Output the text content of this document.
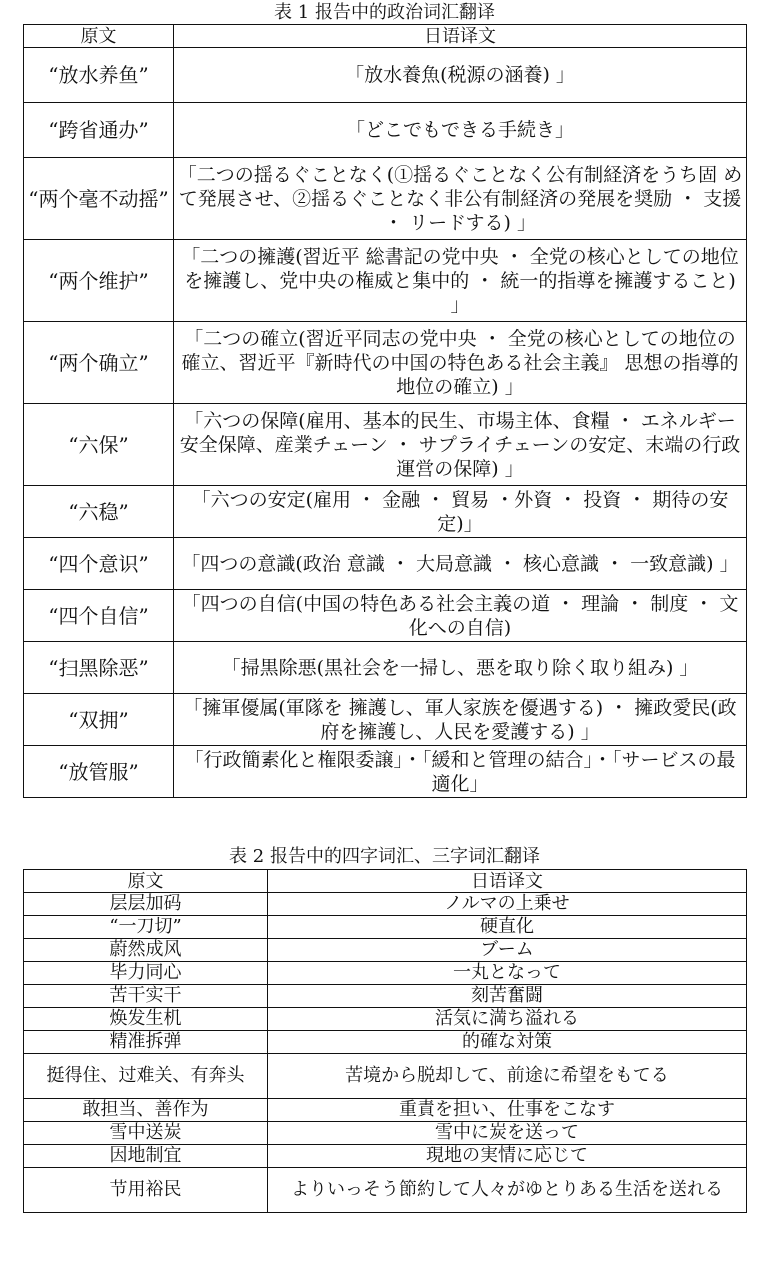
表 1 报告中的政治词汇翻译
原文	日语译文
“放水养鱼”	「放水養魚(税源の涵養) 」
“跨省通办”	「どこでもできる手続き」
“两个毫不动摇”	「二つの揺るぐことなく(①揺るぐことなく公有制経済をうち固 めて発展させ、②揺るぐことなく非公有制経済の発展を奨励 ・ 支援 ・ リードする) 」
“两个维护”	「二つの擁護(習近平 総書記の党中央 ・ 全党の核心としての地位を擁護し、党中央の権威と集中的 ・ 統一的指導を擁護すること) 」
“两个确立”	「二つの確立(習近平同志の党中央 ・ 全党の核心としての地位の確立、習近平『新時代の中国の特色ある社会主義』 思想の指導的地位の確立) 」
“六保”	「六つの保障(雇用、基本的民生、市場主体、食糧 ・ エネルギー安全保障、産業チェーン ・ サプライチェーンの安定、末端の行政運営の保障) 」
“六稳”	「六つの安定(雇用 ・ 金融 ・ 貿易 ・外資 ・ 投資 ・ 期待の安定)」
“四个意识”	「四つの意識(政治 意識 ・ 大局意識 ・ 核心意識 ・ 一致意識) 」
“四个自信”	「四つの自信(中国の特色ある社会主義の道 ・ 理論 ・ 制度 ・ 文化への自信)
“扫黑除恶”	「掃黒除悪(黒社会を一掃し、悪を取り除く取り組み) 」
“双拥”	「擁軍優属(軍隊を 擁護し、軍人家族を優遇する) ・ 擁政愛民(政府を擁護し、人民を愛護する) 」
“放管服”	「行政簡素化と権限委譲」・「緩和と管理の結合」・「サービスの最適化」
表 2 报告中的四字词汇、三字词汇翻译
原文	日语译文
层层加码	ノルマの上乗せ
“一刀切”	硬直化
蔚然成风	ブーム
毕力同心	一丸となって
苦干实干	刻苦奮闘
焕发生机	活気に満ち溢れる
精准拆弹	的確な対策
挺得住、过难关、有奔头	苦境から脱却して、前途に希望をもてる
敢担当、善作为	重責を担い、仕事をこなす
雪中送炭	雪中に炭を送って
因地制宜	現地の実情に応じて
节用裕民	よりいっそう節約して人々がゆとりある生活を送れる
